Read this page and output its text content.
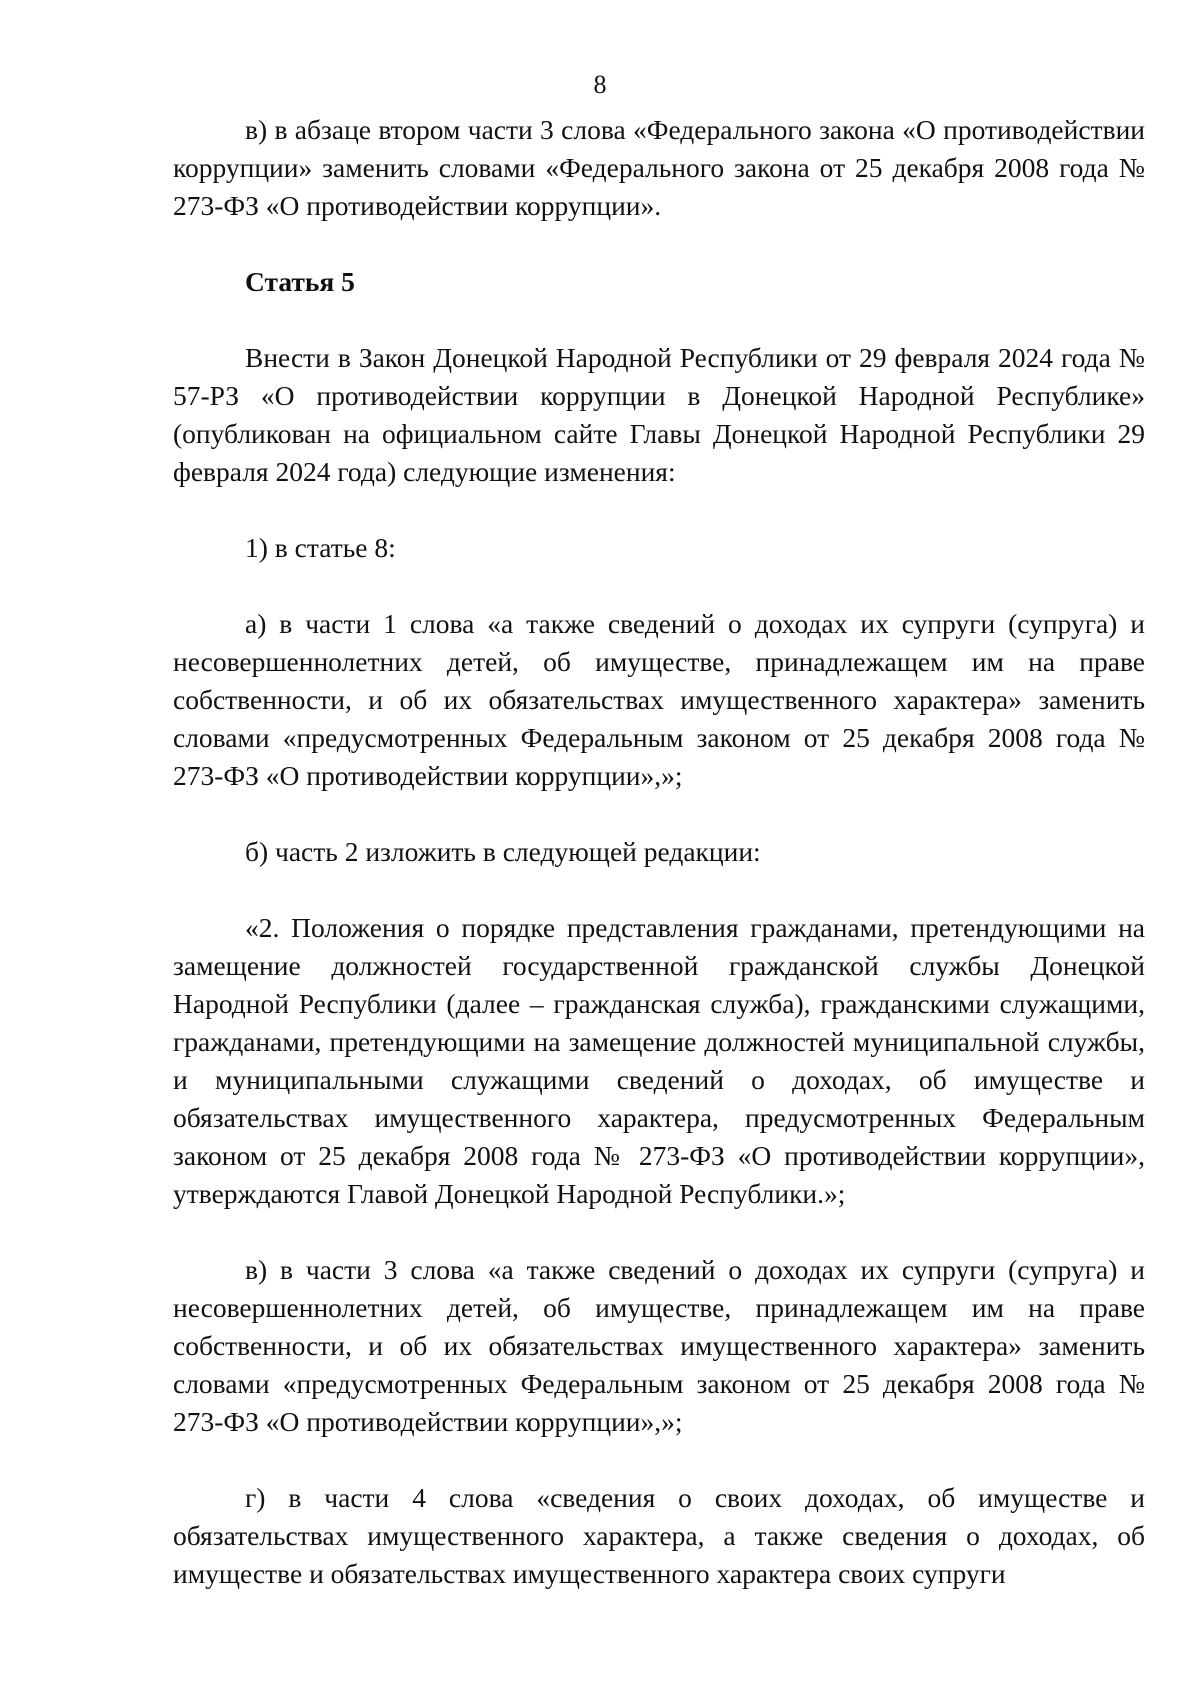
8

в) в абзаце втором части 3 слова «Федерального закона «О противодействии коррупции» заменить словами «Федерального закона от 25 декабря 2008 года № 273-ФЗ «О противодействии коррупции».

Статья 5

Внести в Закон Донецкой Народной Республики от 29 февраля 2024 года № 57-РЗ «О противодействии коррупции в Донецкой Народной Республике» (опубликован на официальном сайте Главы Донецкой Народной Республики 29 февраля 2024 года) следующие изменения:

1) в статье 8:

а) в части 1 слова «а также сведений о доходах их супруги (супруга) и несовершеннолетних детей, об имуществе, принадлежащем им на праве собственности, и об их обязательствах имущественного характера» заменить словами «предусмотренных Федеральным законом от 25 декабря 2008 года № 273-ФЗ «О противодействии коррупции»,»;

б) часть 2 изложить в следующей редакции:

«2. Положения о порядке представления гражданами, претендующими на замещение должностей государственной гражданской службы Донецкой Народной Республики (далее – гражданская служба), гражданскими служащими, гражданами, претендующими на замещение должностей муниципальной службы, и муниципальными служащими сведений о доходах, об имуществе и обязательствах имущественного характера, предусмотренных Федеральным законом от 25 декабря 2008 года № 273-ФЗ «О противодействии коррупции», утверждаются Главой Донецкой Народной Республики.»;

в) в части 3 слова «а также сведений о доходах их супруги (супруга) и несовершеннолетних детей, об имуществе, принадлежащем им на праве собственности, и об их обязательствах имущественного характера» заменить словами «предусмотренных Федеральным законом от 25 декабря 2008 года № 273-ФЗ «О противодействии коррупции»,»;

г) в части 4 слова «сведения о своих доходах, об имуществе и обязательствах имущественного характера, а также сведения о доходах, об имуществе и обязательствах имущественного характера своих супруги
